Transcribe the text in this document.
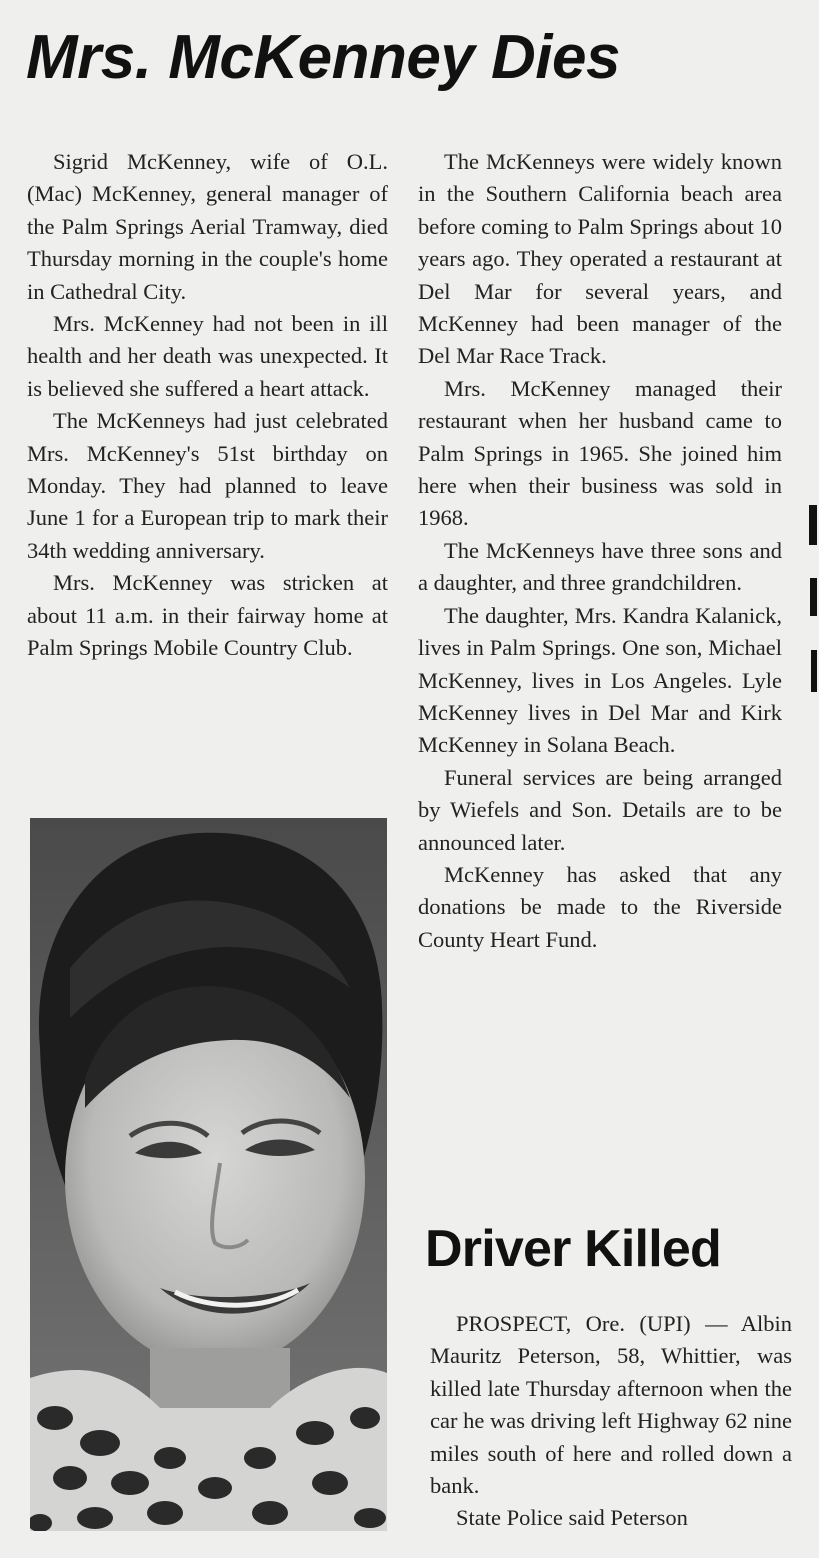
Mrs. McKenney Dies

Sigrid McKenney, wife of O.L. (Mac) McKenney, general manager of the Palm Springs Aerial Tramway, died Thursday morning in the couple's home in Cathedral City.

Mrs. McKenney had not been in ill health and her death was unexpected. It is believed she suffered a heart attack.

The McKenneys had just celebrated Mrs. McKenney's 51st birthday on Monday. They had planned to leave June 1 for a European trip to mark their 34th wedding anniversary.

Mrs. McKenney was stricken at about 11 a.m. in their fairway home at Palm Springs Mobile Country Club.

The McKenneys were widely known in the Southern California beach area before coming to Palm Springs about 10 years ago. They operated a restaurant at Del Mar for several years, and McKenney had been manager of the Del Mar Race Track.

Mrs. McKenney managed their restaurant when her husband came to Palm Springs in 1965. She joined him here when their business was sold in 1968.

The McKenneys have three sons and a daughter, and three grandchildren.

The daughter, Mrs. Kandra Kalanick, lives in Palm Springs. One son, Michael McKenney, lives in Los Angeles. Lyle McKenney lives in Del Mar and Kirk McKenney in Solana Beach.

Funeral services are being arranged by Wiefels and Son. Details are to be announced later.

McKenney has asked that any donations be made to the Riverside County Heart Fund.

Driver Killed

PROSPECT, Ore. (UPI) — Albin Mauritz Peterson, 58, Whittier, was killed late Thursday afternoon when the car he was driving left Highway 62 nine miles south of here and rolled down a bank.

State Police said Peterson
